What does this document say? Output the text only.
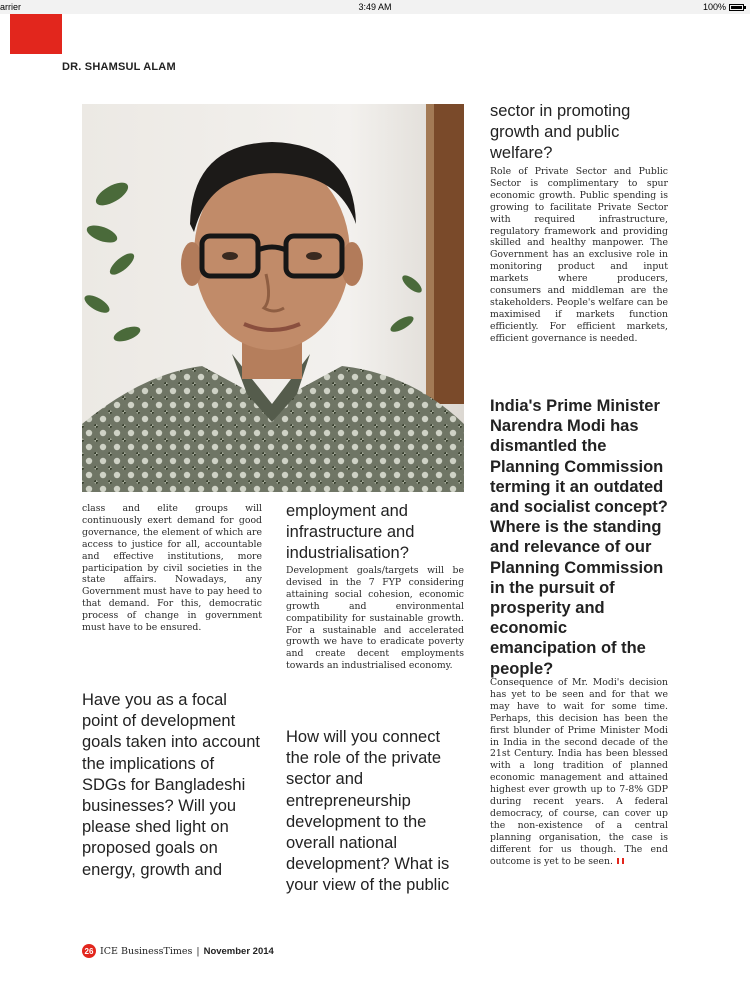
arrier	3:49 AM	100%
DR. SHAMSUL ALAM
class and elite groups will continuously exert demand for good governance, the element of which are access to justice for all, accountable and effective institutions, more participation by civil societies in the state affairs. Nowadays, any Government must have to pay heed to that demand. For this, democratic process of change in government must have to be ensured.
Have you as a focal point of development goals taken into account the implications of SDGs for Bangladeshi businesses? Will you please shed light on proposed goals on energy, growth and
employment and infrastructure and industrialisation?
Development goals/targets will be devised in the 7 FYP considering attaining social cohesion, economic growth and environmental compatibility for sustainable growth. For a sustainable and accelerated growth we have to eradicate poverty and create decent employments towards an industrialised economy.
How will you connect the role of the private sector and entrepreneurship development to the overall national development? What is your view of the public
sector in promoting growth and public welfare?
Role of Private Sector and Public Sector is complimentary to spur economic growth. Public spending is growing to facilitate Private Sector with required infrastructure, regulatory framework and providing skilled and healthy manpower. The Government has an exclusive role in monitoring product and input markets where producers, consumers and middleman are the stakeholders. People's welfare can be maximised if markets function efficiently. For efficient markets, efficient governance is needed.
India's Prime Minister Narendra Modi has dismantled the Planning Commission terming it an outdated and socialist concept? Where is the standing and relevance of our Planning Commission in the pursuit of prosperity and economic emancipation of the people?
Consequence of Mr. Modi's decision has yet to be seen and for that we may have to wait for some time. Perhaps, this decision has been the first blunder of Prime Minister Modi in India in the second decade of the 21st Century. India has been blessed with a long tradition of planned economic management and attained highest ever growth up to 7-8% GDP during recent years. A federal democracy, of course, can cover up the non-existence of a central planning organisation, the case is different for us though. The end outcome is yet to be seen.
26 ICE BusinessTimes | November 2014
